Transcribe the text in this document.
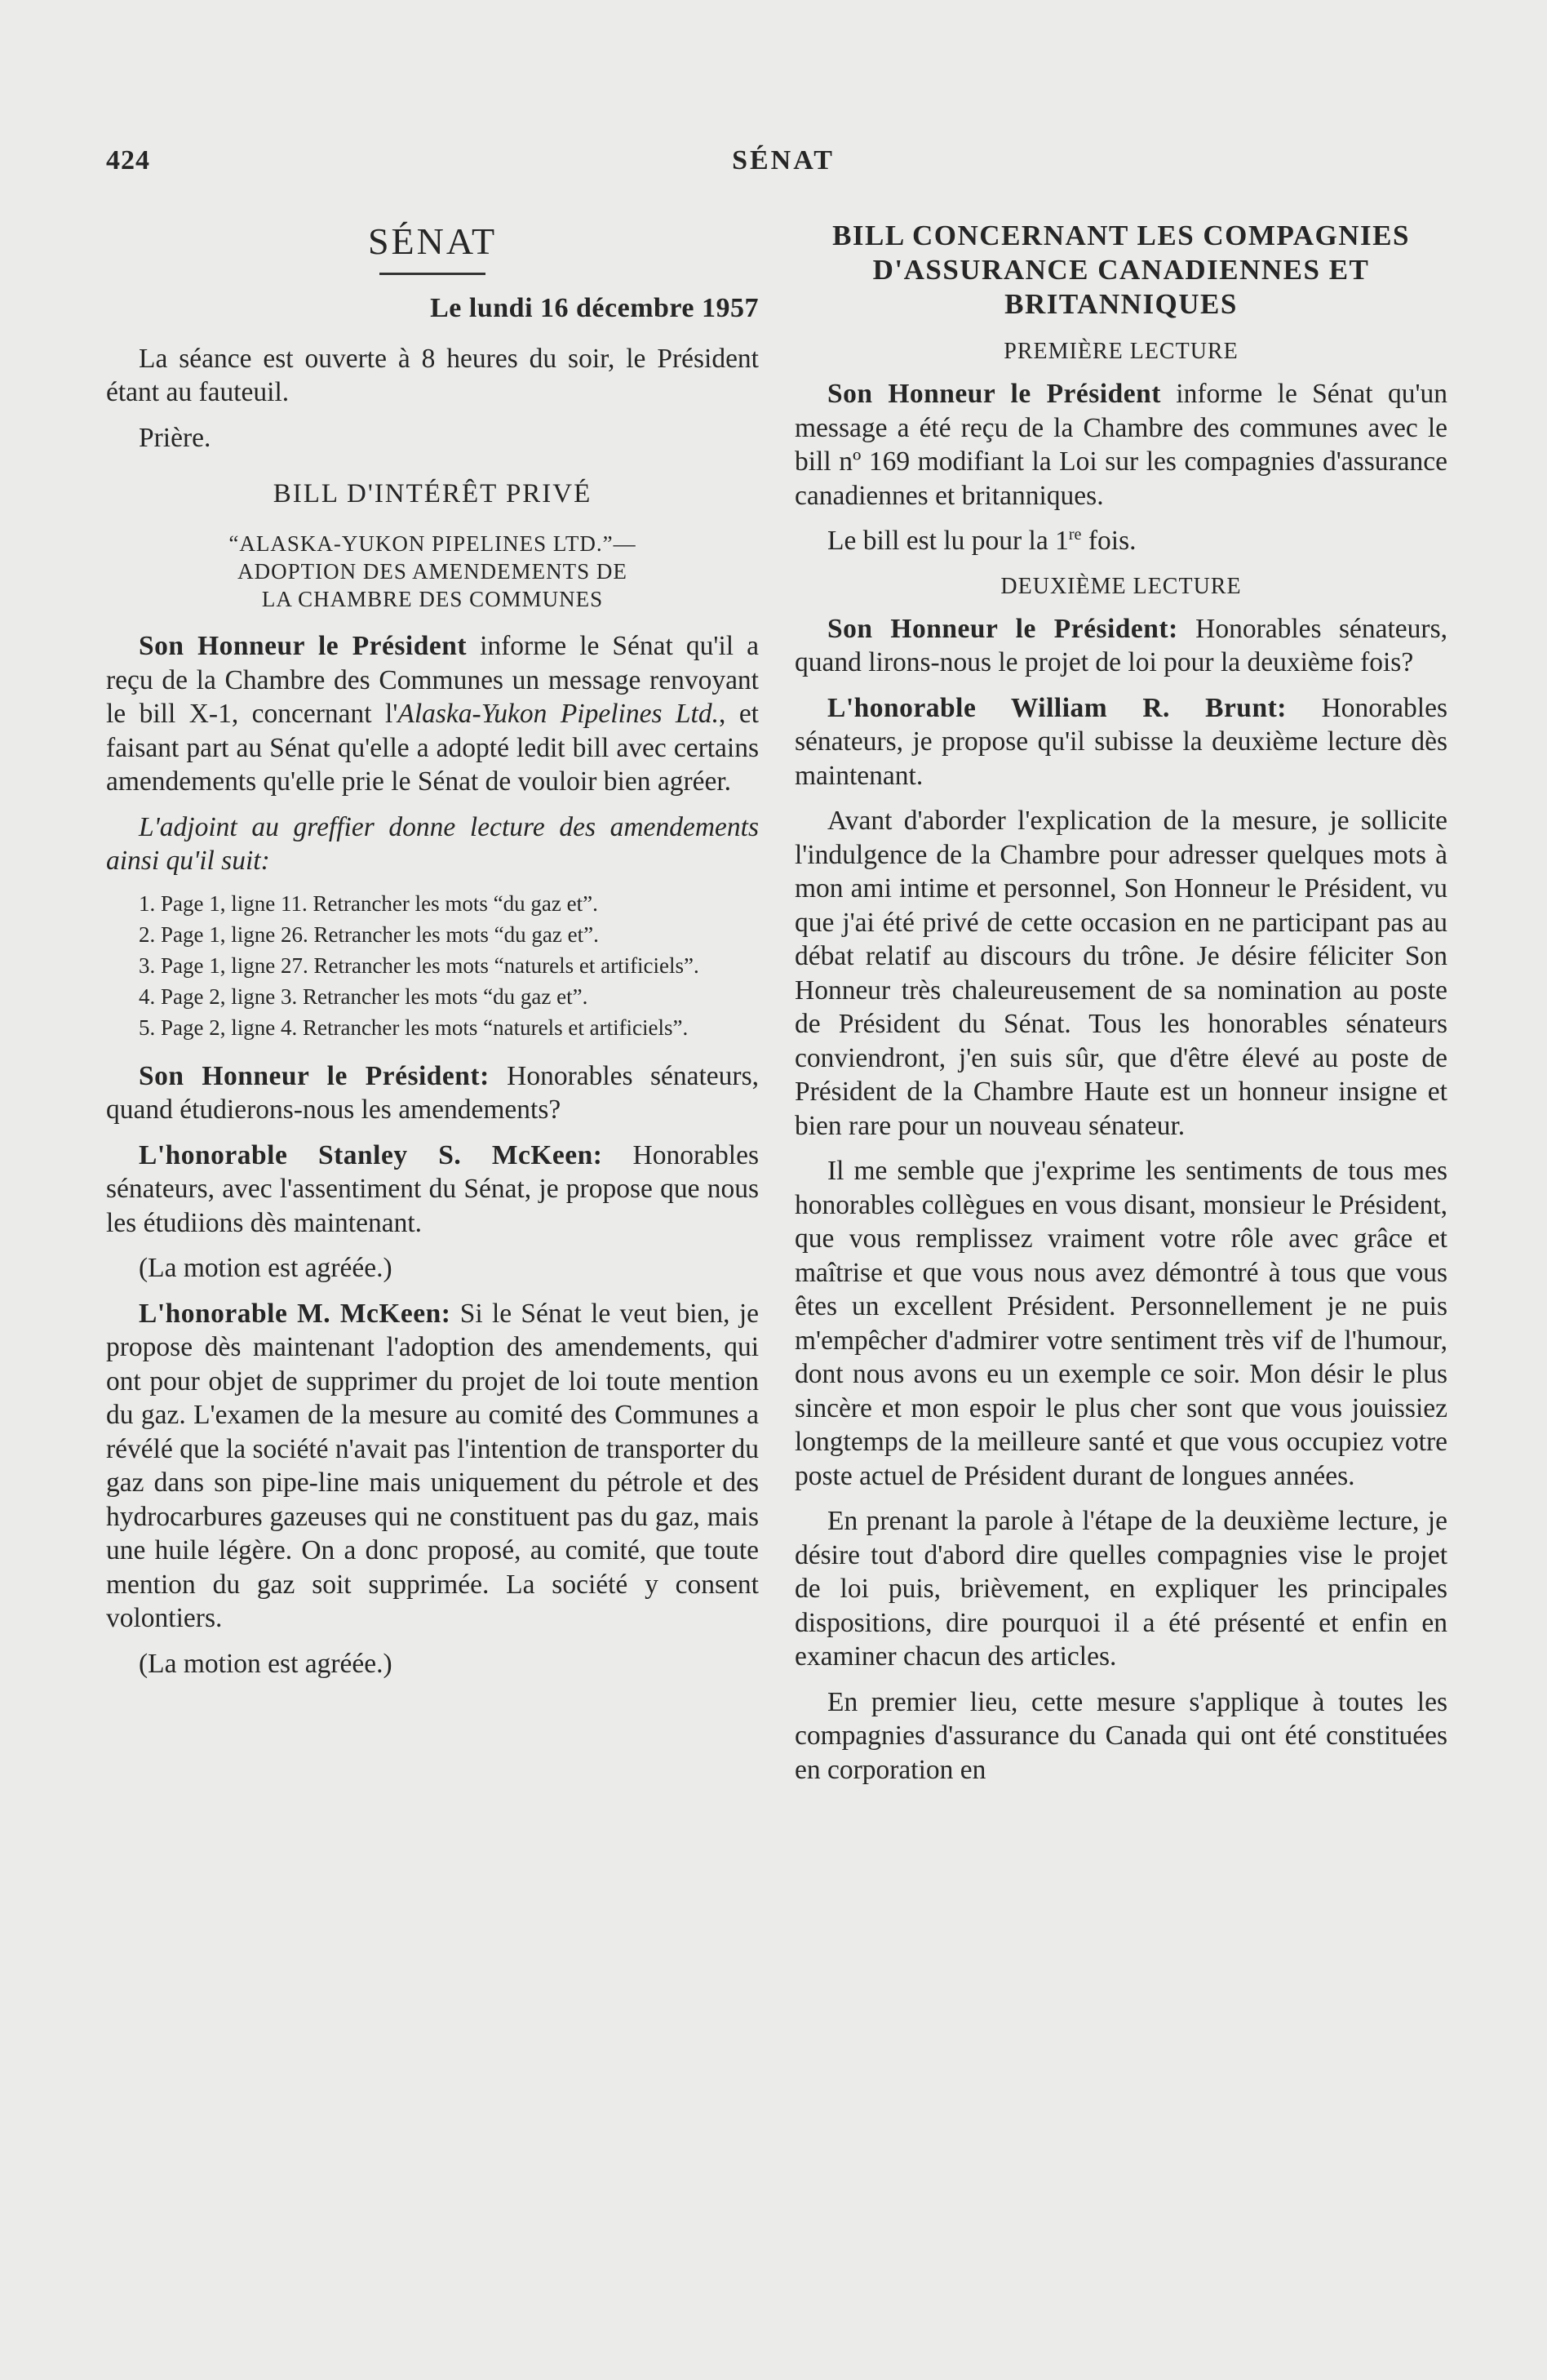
424	SÉNAT
SÉNAT
Le lundi 16 décembre 1957

La séance est ouverte à 8 heures du soir, le Président étant au fauteuil.

Prière.

BILL D'INTÉRÊT PRIVÉ
“ALASKA-YUKON PIPELINES LTD.”—
ADOPTION DES AMENDEMENTS DE
LA CHAMBRE DES COMMUNES

Son Honneur le Président informe le Sénat qu'il a reçu de la Chambre des Communes un message renvoyant le bill X-1, concernant l'Alaska-Yukon Pipelines Ltd., et faisant part au Sénat qu'elle a adopté ledit bill avec certains amendements qu'elle prie le Sénat de vouloir bien agréer.

L'adjoint au greffier donne lecture des amendements ainsi qu'il suit:

1. Page 1, ligne 11. Retrancher les mots “du gaz et”.
2. Page 1, ligne 26. Retrancher les mots “du gaz et”.
3. Page 1, ligne 27. Retrancher les mots “naturels et artificiels”.
4. Page 2, ligne 3. Retrancher les mots “du gaz et”.
5. Page 2, ligne 4. Retrancher les mots “naturels et artificiels”.

Son Honneur le Président: Honorables sénateurs, quand étudierons-nous les amendements?

L'honorable Stanley S. McKeen: Honorables sénateurs, avec l'assentiment du Sénat, je propose que nous les étudiions dès maintenant.

(La motion est agréée.)

L'honorable M. McKeen: Si le Sénat le veut bien, je propose dès maintenant l'adoption des amendements, qui ont pour objet de supprimer du projet de loi toute mention du gaz. L'examen de la mesure au comité des Communes a révélé que la société n'avait pas l'intention de transporter du gaz dans son pipe-line mais uniquement du pétrole et des hydrocarbures gazeuses qui ne constituent pas du gaz, mais une huile légère. On a donc proposé, au comité, que toute mention du gaz soit supprimée. La société y consent volontiers.

(La motion est agréée.)

BILL CONCERNANT LES COMPAGNIES
D'ASSURANCE CANADIENNES ET
BRITANNIQUES
PREMIÈRE LECTURE

Son Honneur le Président informe le Sénat qu'un message a été reçu de la Chambre des communes avec le bill nº 169 modifiant la Loi sur les compagnies d'assurance canadiennes et britanniques.

Le bill est lu pour la 1re fois.

DEUXIÈME LECTURE

Son Honneur le Président: Honorables sénateurs, quand lirons-nous le projet de loi pour la deuxième fois?

L'honorable William R. Brunt: Honorables sénateurs, je propose qu'il subisse la deuxième lecture dès maintenant.

Avant d'aborder l'explication de la mesure, je sollicite l'indulgence de la Chambre pour adresser quelques mots à mon ami intime et personnel, Son Honneur le Président, vu que j'ai été privé de cette occasion en ne participant pas au débat relatif au discours du trône. Je désire féliciter Son Honneur très chaleureusement de sa nomination au poste de Président du Sénat. Tous les honorables sénateurs conviendront, j'en suis sûr, que d'être élevé au poste de Président de la Chambre Haute est un honneur insigne et bien rare pour un nouveau sénateur.

Il me semble que j'exprime les sentiments de tous mes honorables collègues en vous disant, monsieur le Président, que vous remplissez vraiment votre rôle avec grâce et maîtrise et que vous nous avez démontré à tous que vous êtes un excellent Président. Personnellement je ne puis m'empêcher d'admirer votre sentiment très vif de l'humour, dont nous avons eu un exemple ce soir. Mon désir le plus sincère et mon espoir le plus cher sont que vous jouissiez longtemps de la meilleure santé et que vous occupiez votre poste actuel de Président durant de longues années.

En prenant la parole à l'étape de la deuxième lecture, je désire tout d'abord dire quelles compagnies vise le projet de loi puis, brièvement, en expliquer les principales dispositions, dire pourquoi il a été présenté et enfin en examiner chacun des articles.

En premier lieu, cette mesure s'applique à toutes les compagnies d'assurance du Canada qui ont été constituées en corporation en
